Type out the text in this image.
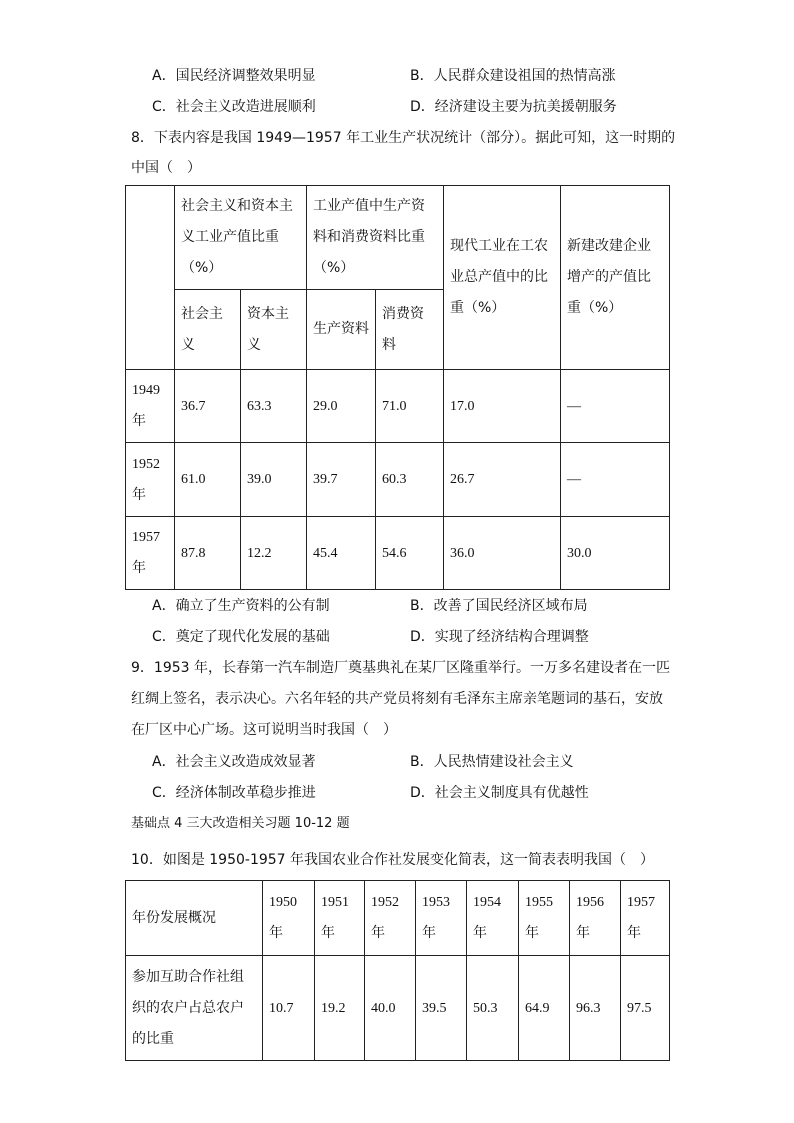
A．国民经济调整效果明显	B．人民群众建设祖国的热情高涨
C．社会主义改造进展顺利	D．经济建设主要为抗美援朝服务
8．下表内容是我国 1949—1957 年工业生产状况统计（部分）。据此可知，这一时期的
中国（　）
	社会主义和资本主义工业产值比重（%）		工业产值中生产资料和消费资料比重（%）		现代工业在工农业总产值中的比重（%）	新建改建企业增产的产值比重（%）
	社会主义	资本主义	生产资料	消费资料		
1949年	36.7	63.3	29.0	71.0	17.0	—
1952年	61.0	39.0	39.7	60.3	26.7	—
1957年	87.8	12.2	45.4	54.6	36.0	30.0
A．确立了生产资料的公有制	B．改善了国民经济区域布局
C．奠定了现代化发展的基础	D．实现了经济结构合理调整
9．1953 年，长春第一汽车制造厂奠基典礼在某厂区隆重举行。一万多名建设者在一匹
红绸上签名，表示决心。六名年轻的共产党员将刻有毛泽东主席亲笔题词的基石，安放
在厂区中心广场。这可说明当时我国（　）
A．社会主义改造成效显著	B．人民热情建设社会主义
C．经济体制改革稳步推进	D．社会主义制度具有优越性
基础点 4 三大改造相关习题 10-12 题
10．如图是 1950-1957 年我国农业合作社发展变化简表，这一简表表明我国（　）
年份发展概况	1950年	1951年	1952年	1953年	1954年	1955年	1956年	1957年
参加互助合作社组织的农户占总农户的比重	10.7	19.2	40.0	39.5	50.3	64.9	96.3	97.5
